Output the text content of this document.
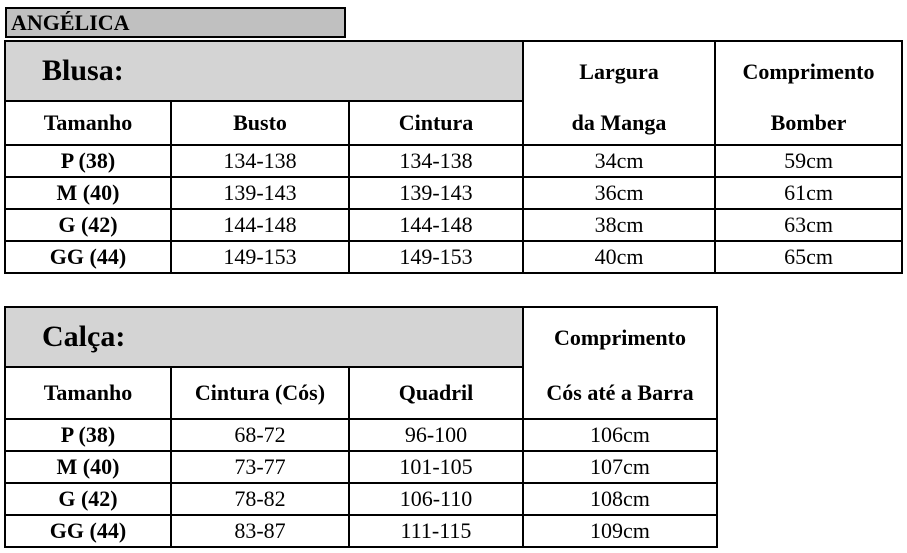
ANGÉLICA
Blusa:			Largura	Comprimento
Tamanho	Busto	Cintura	da Manga	Bomber
P (38)	134-138	134-138	34cm	59cm
M (40)	139-143	139-143	36cm	61cm
G (42)	144-148	144-148	38cm	63cm
GG (44)	149-153	149-153	40cm	65cm
Calça:			Comprimento
Tamanho	Cintura (Cós)	Quadril	Cós até a Barra
P (38)	68-72	96-100	106cm
M (40)	73-77	101-105	107cm
G (42)	78-82	106-110	108cm
GG (44)	83-87	111-115	109cm
